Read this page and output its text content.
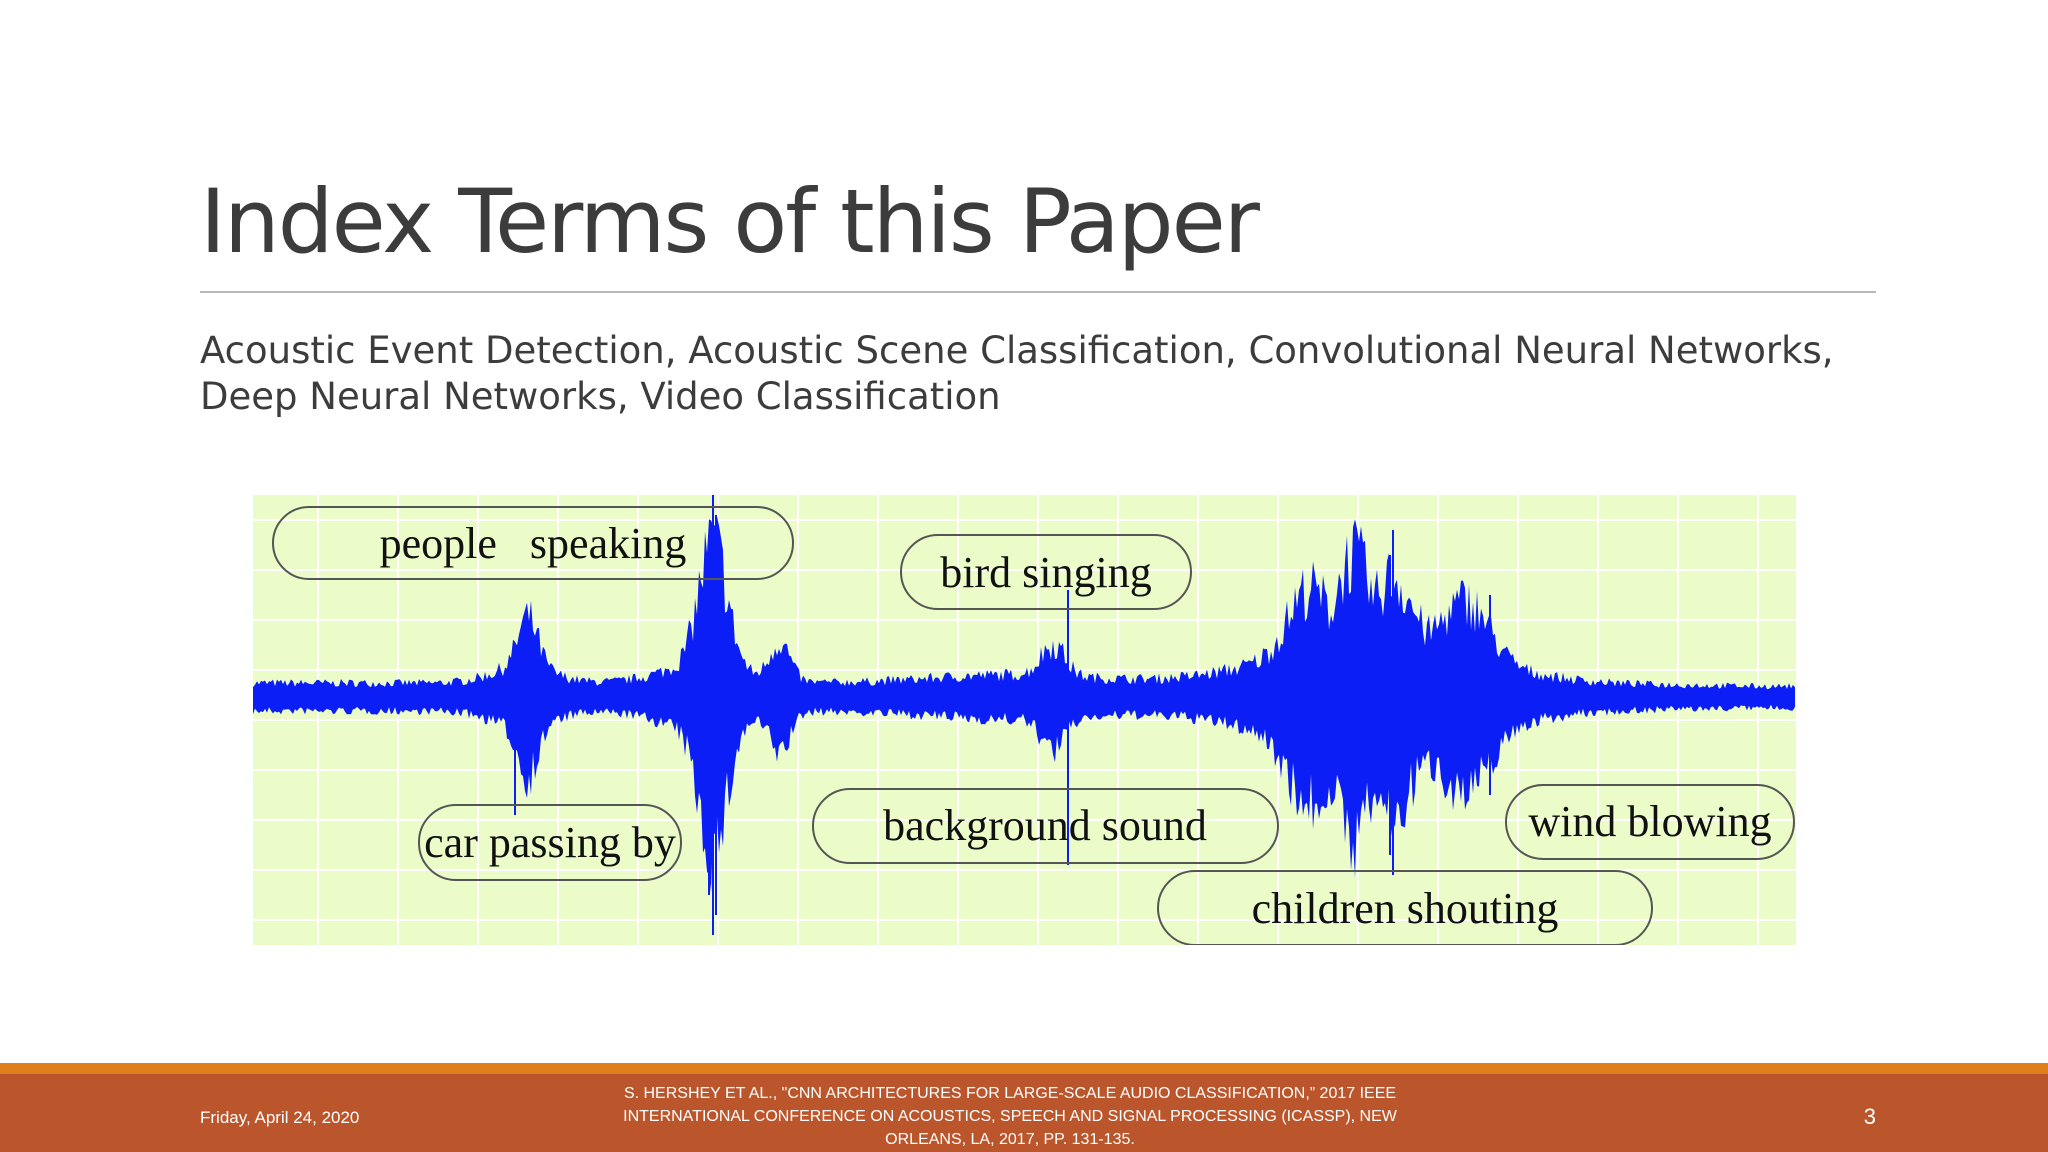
Index Terms of this Paper

Acoustic Event Detection, Acoustic Scene Classification, Convolutional Neural Networks, Deep Neural Networks, Video Classification

people   speaking
bird singing
car passing by	background sound	wind blowing
children shouting
Friday, April 24, 2020
S. HERSHEY ET AL., "CNN ARCHITECTURES FOR LARGE-SCALE AUDIO CLASSIFICATION,” 2017 IEEE INTERNATIONAL CONFERENCE ON ACOUSTICS, SPEECH AND SIGNAL PROCESSING (ICASSP), NEW ORLEANS, LA, 2017, PP. 131-135.
3
